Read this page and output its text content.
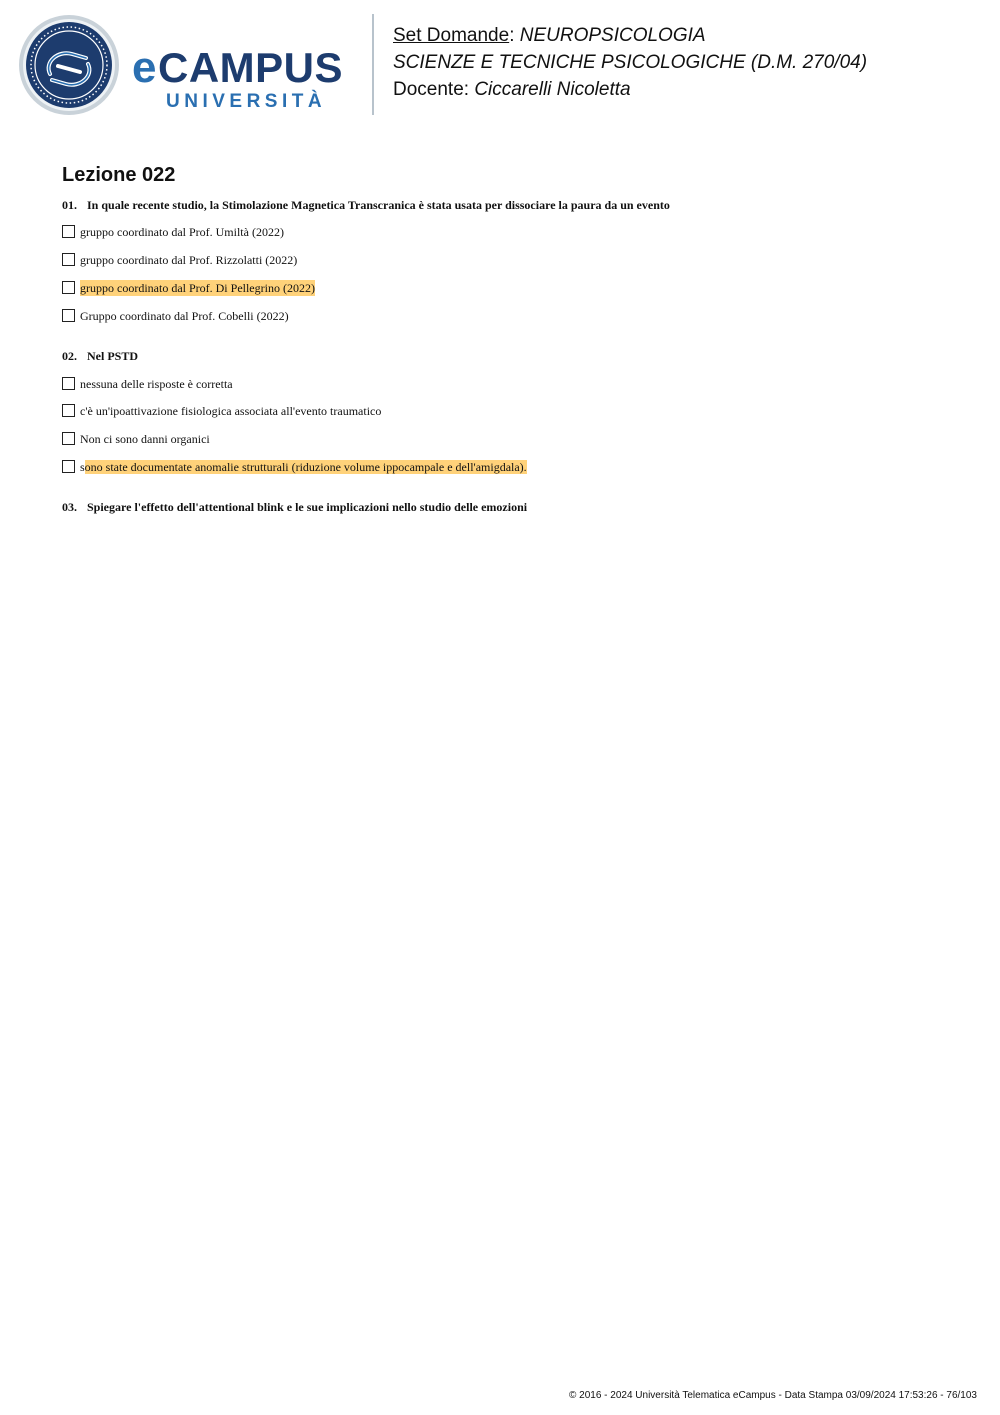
e CAMPUS
UNIVERSITÀ
Set Domande: NEUROPSICOLOGIA
SCIENZE E TECNICHE PSICOLOGICHE (D.M. 270/04)
Docente: Ciccarelli Nicoletta
Lezione 022
01. In quale recente studio, la Stimolazione Magnetica Transcranica è stata usata per dissociare la paura da un evento
gruppo coordinato dal Prof. Umiltà (2022)
gruppo coordinato dal Prof. Rizzolatti (2022)
gruppo coordinato dal Prof. Di Pellegrino (2022)
Gruppo coordinato dal Prof. Cobelli (2022)
02. Nel PSTD
nessuna delle risposte è corretta
c'è un'ipoattivazione fisiologica associata all'evento traumatico
Non ci sono danni organici
sono state documentate anomalie strutturali (riduzione volume ippocampale e dell'amigdala).
03. Spiegare l'effetto dell'attentional blink e le sue implicazioni nello studio delle emozioni
© 2016 - 2024 Università Telematica eCampus - Data Stampa 03/09/2024 17:53:26 - 76/103
